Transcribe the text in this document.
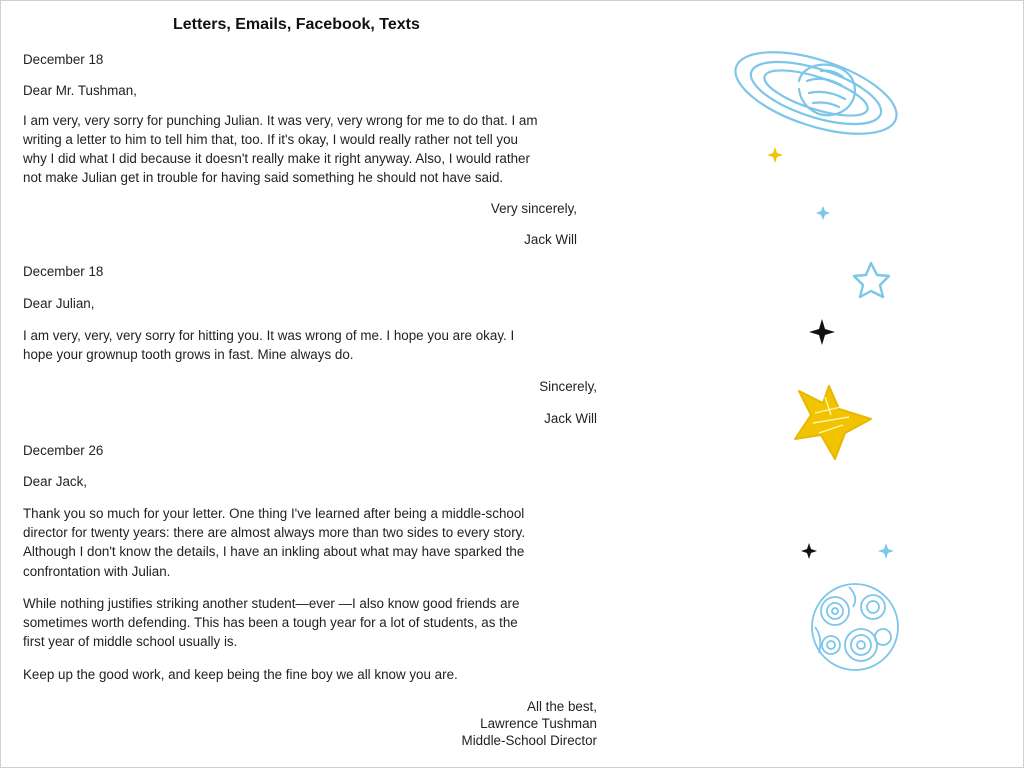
Letters, Emails, Facebook, Texts
December 18
Dear Mr. Tushman,
I am very, very sorry for punching Julian. It was very, very wrong for me to do that. I am
writing a letter to him to tell him that, too. If it's okay, I would really rather not tell you
why I did what I did because it doesn't really make it right anyway. Also, I would rather
not make Julian get in trouble for having said something he should not have said.
Very sincerely,
Jack Will
December 18
Dear Julian,
I am very, very, very sorry for hitting you. It was wrong of me. I hope you are okay. I
hope your grownup tooth grows in fast. Mine always do.
Sincerely,
Jack Will
December 26
Dear Jack,
Thank you so much for your letter. One thing I've learned after being a middle-school
director for twenty years: there are almost always more than two sides to every story.
Although I don't know the details, I have an inkling about what may have sparked the
confrontation with Julian.
While nothing justifies striking another student—ever —I also know good friends are
sometimes worth defending. This has been a tough year for a lot of students, as the
first year of middle school usually is.
Keep up the good work, and keep being the fine boy we all know you are.
All the best,
Lawrence Tushman
Middle-School Director
